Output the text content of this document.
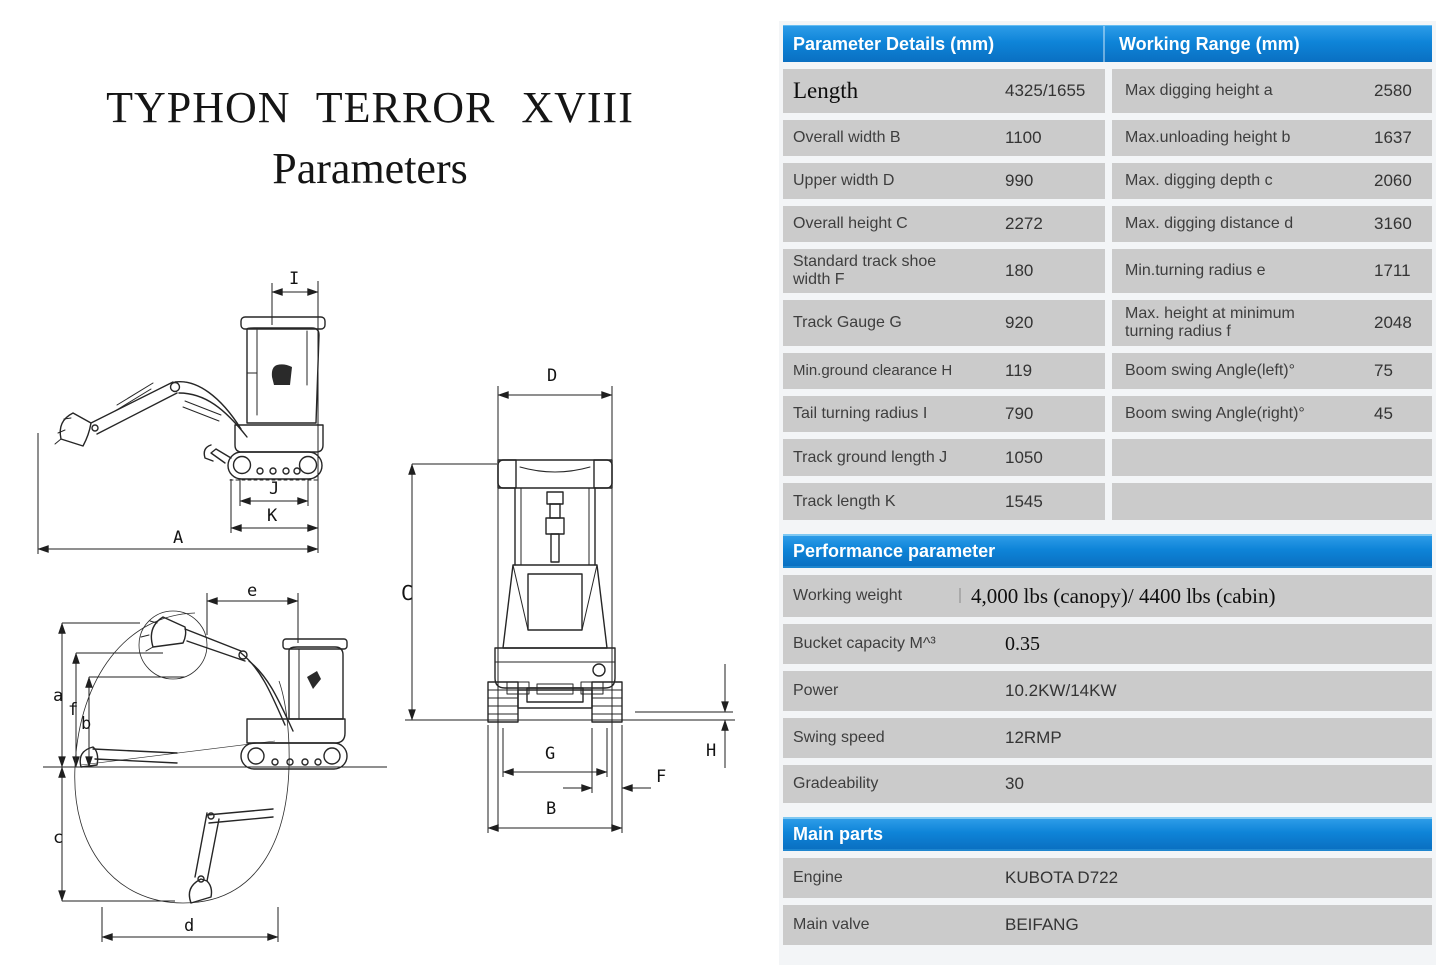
TYPHON TERROR XVIII
Parameters
I
J
K
A
D
C
G
B
F
H
e
a
f
b
c
d
Parameter Details (mm)	Working Range (mm)
Length	4325/1655	Max digging height a	2580
Overall width B	1100	Max.unloading height b	1637
Upper width D	990	Max. digging depth c	2060
Overall height C	2272	Max. digging distance d	3160
Standard track shoe width F	180	Min.turning radius e	1711
Track Gauge G	920	Max. height at minimum turning radius f	2048
Min.ground clearance H	119	Boom swing Angle(left)°	75
Tail turning radius I	790	Boom swing Angle(right)°	45
Track ground length J	1050
Track length K	1545
Performance parameter
Working weight	4,000 lbs (canopy)/ 4400 lbs (cabin)
Bucket capacity M^³	0.35
Power	10.2KW/14KW
Swing speed	12RMP
Gradeability	30
Main parts
Engine	KUBOTA D722
Main valve	BEIFANG
